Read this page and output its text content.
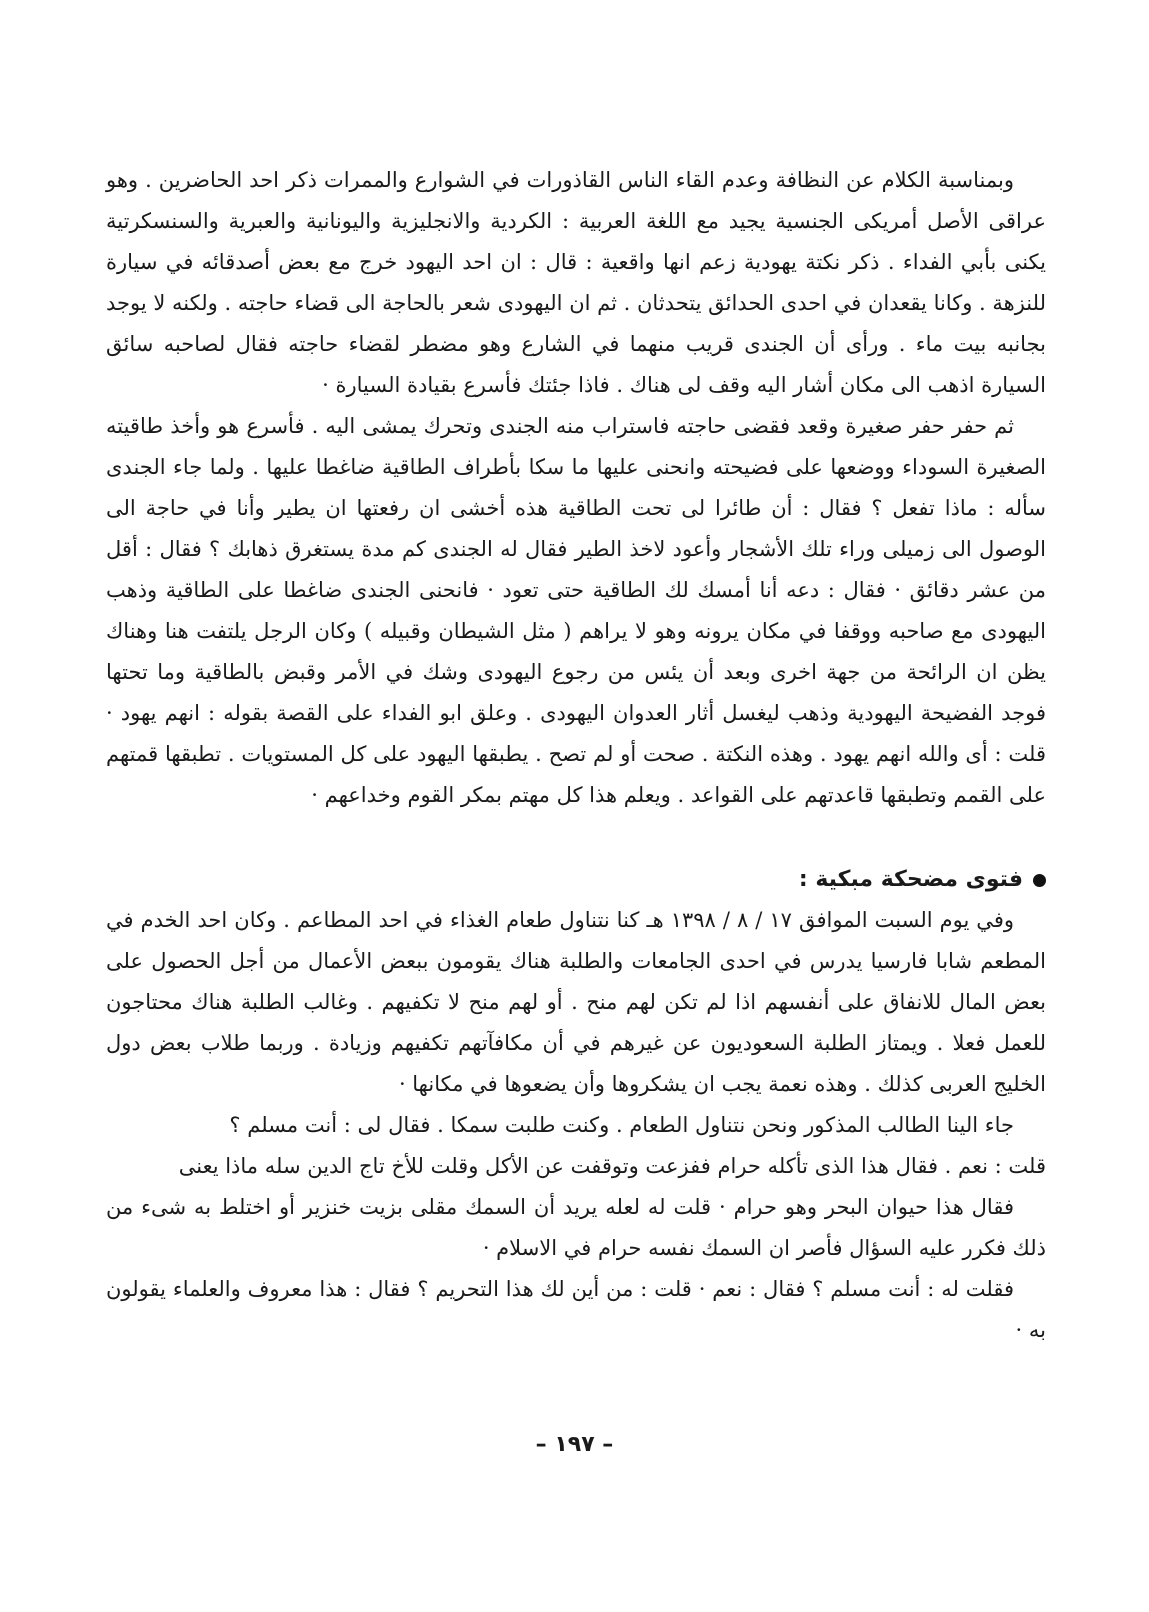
وبمناسبة الكلام عن النظافة وعدم القاء الناس القاذورات في الشوارع والممرات ذكر احد الحاضرين . وهو عراقى الأصل أمريكى الجنسية يجيد مع اللغة العربية : الكردية والانجليزية واليونانية والعبرية والسنسكرتية يكنى بأبي الفداء . ذكر نكتة يهودية زعم انها واقعية : قال : ان احد اليهود خرج مع بعض أصدقائه في سيارة للنزهة . وكانا يقعدان في احدى الحدائق يتحدثان . ثم ان اليهودى شعر بالحاجة الى قضاء حاجته . ولكنه لا يوجد بجانبه بيت ماء . ورأى أن الجندى قريب منهما في الشارع وهو مضطر لقضاء حاجته فقال لصاحبه سائق السيارة اذهب الى مكان أشار اليه وقف لى هناك . فاذا جئتك فأسرع بقيادة السيارة ·

ثم حفر حفر صغيرة وقعد فقضى حاجته فاستراب منه الجندى وتحرك يمشى اليه . فأسرع هو وأخذ طاقيته الصغيرة السوداء ووضعها على فضيحته وانحنى عليها ما سكا بأطراف الطاقية ضاغطا عليها . ولما جاء الجندى سأله : ماذا تفعل ؟ فقال : أن طائرا لى تحت الطاقية هذه أخشى ان رفعتها ان يطير وأنا في حاجة الى الوصول الى زميلى وراء تلك الأشجار وأعود لاخذ الطير فقال له الجندى كم مدة يستغرق ذهابك ؟ فقال : أقل من عشر دقائق · فقال : دعه أنا أمسك لك الطاقية حتى تعود · فانحنى الجندى ضاغطا على الطاقية وذهب اليهودى مع صاحبه ووقفا في مكان يرونه وهو لا يراهم ( مثل الشيطان وقبيله ) وكان الرجل يلتفت هنا وهناك يظن ان الرائحة من جهة اخرى وبعد أن يئس من رجوع اليهودى وشك في الأمر وقبض بالطاقية وما تحتها فوجد الفضيحة اليهودية وذهب ليغسل أثار العدوان اليهودى . وعلق ابو الفداء على القصة بقوله : انهم يهود · قلت : أى والله انهم يهود . وهذه النكتة . صحت أو لم تصح . يطبقها اليهود على كل المستويات . تطبقها قمتهم على القمم وتطبقها قاعدتهم على القواعد . ويعلم هذا كل مهتم بمكر القوم وخداعهم ·

فتوى مضحكة مبكية :

وفي يوم السبت الموافق ١٧ / ٨ / ١٣٩٨ هـ كنا نتناول طعام الغذاء في احد المطاعم . وكان احد الخدم في المطعم شابا فارسيا يدرس في احدى الجامعات والطلبة هناك يقومون ببعض الأعمال من أجل الحصول على بعض المال للانفاق على أنفسهم اذا لم تكن لهم منح . أو لهم منح لا تكفيهم . وغالب الطلبة هناك محتاجون للعمل فعلا . ويمتاز الطلبة السعوديون عن غيرهم في أن مكافآتهم تكفيهم وزيادة . وربما طلاب بعض دول الخليج العربى كذلك . وهذه نعمة يجب ان يشكروها وأن يضعوها في مكانها ·

جاء الينا الطالب المذكور ونحن نتناول الطعام . وكنت طلبت سمكا . فقال لى : أنت مسلم ؟

قلت : نعم . فقال هذا الذى تأكله حرام ففزعت وتوقفت عن الأكل وقلت للأخ تاج الدين سله ماذا يعنى

فقال هذا حيوان البحر وهو حرام · قلت له لعله يريد أن السمك مقلى بزيت خنزير أو اختلط به شىء من ذلك فكرر عليه السؤال فأصر ان السمك نفسه حرام في الاسلام ·

فقلت له : أنت مسلم ؟ فقال : نعم · قلت : من أين لك هذا التحريم ؟ فقال : هذا معروف والعلماء يقولون به ·

– ١٩٧ –
